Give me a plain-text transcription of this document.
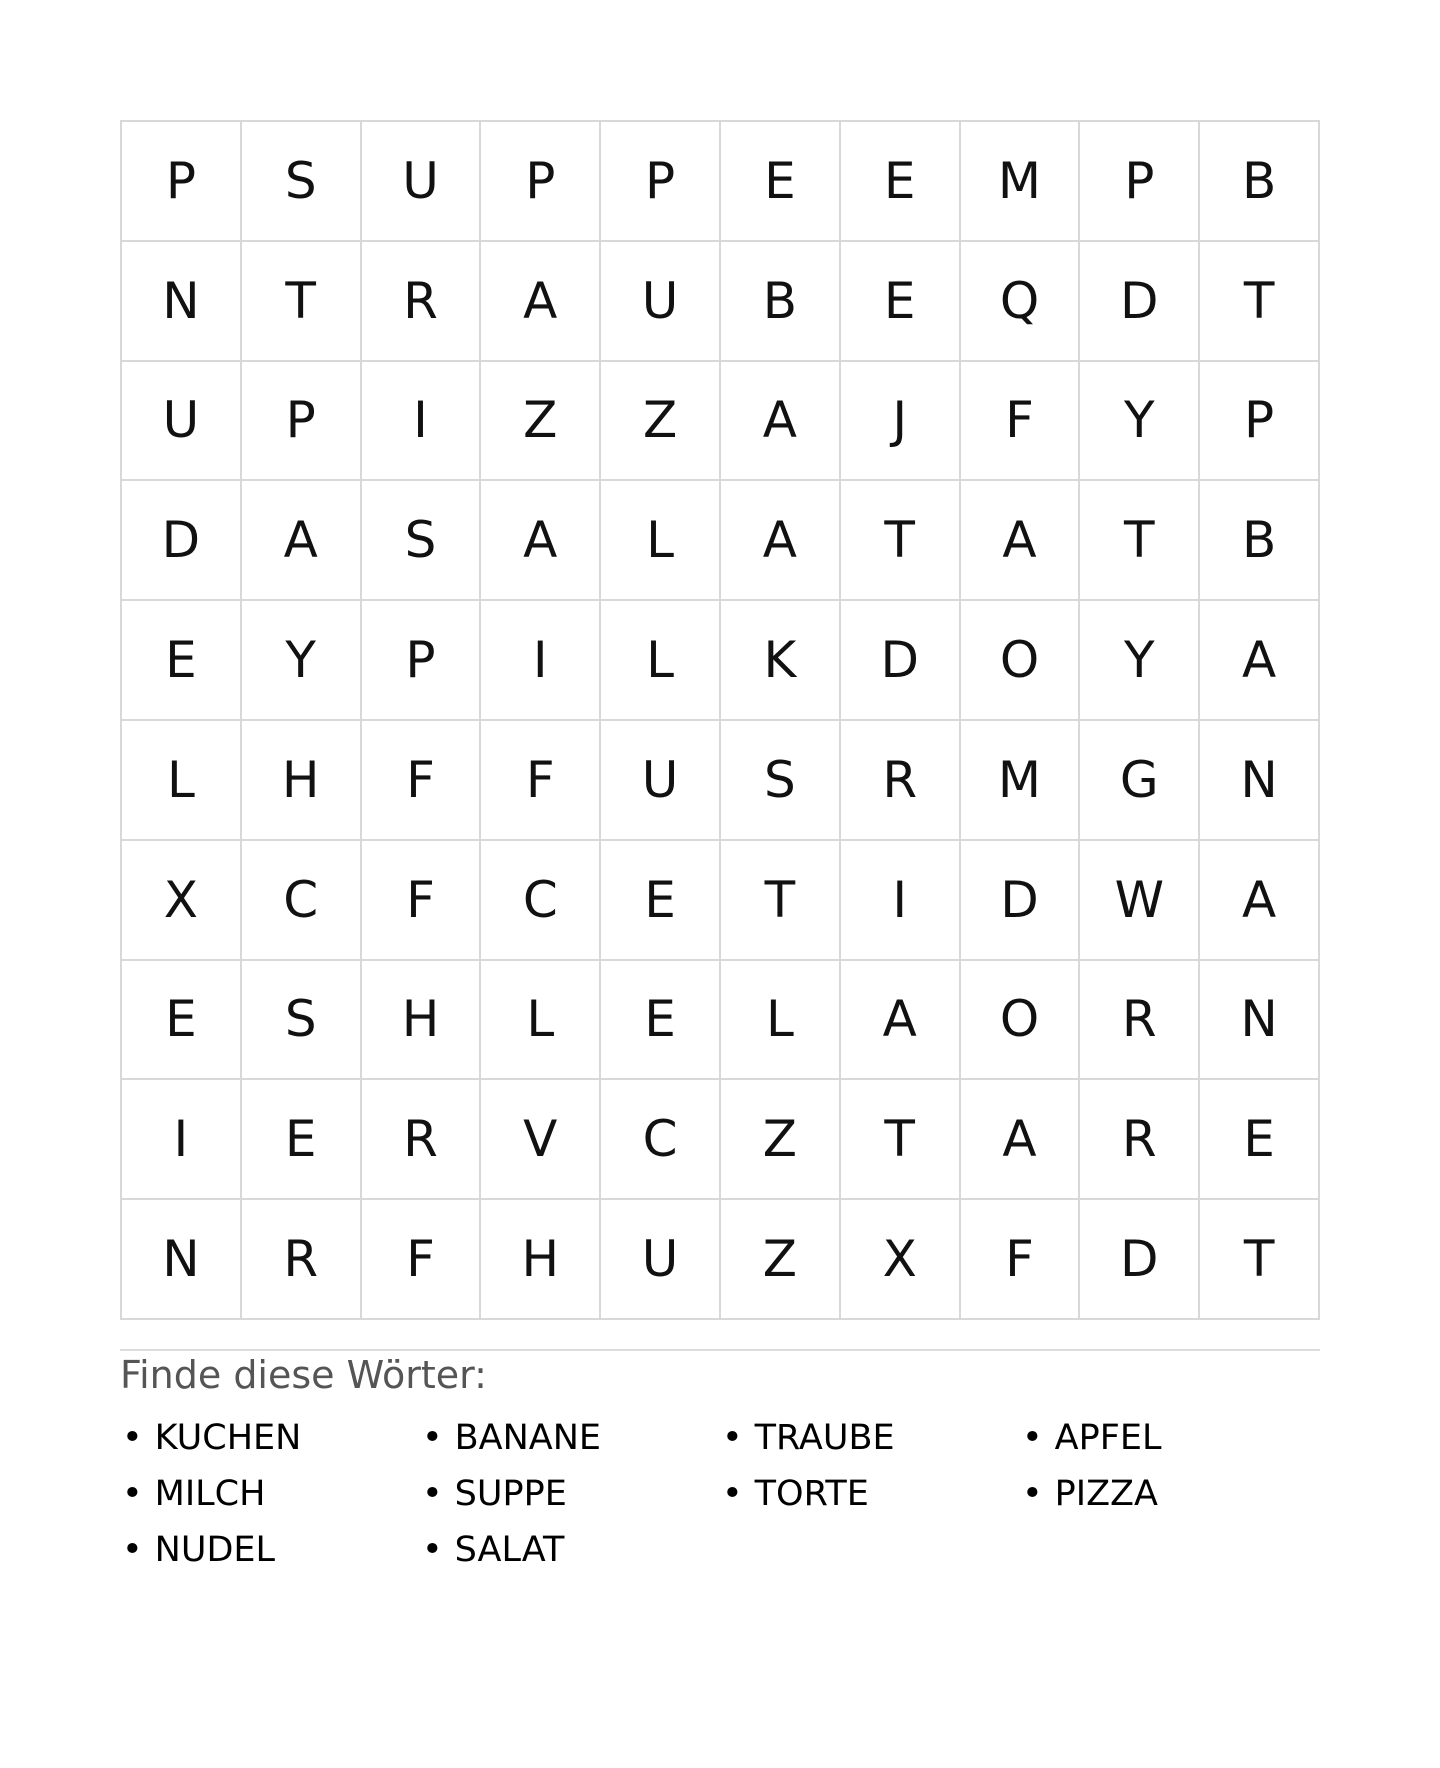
P	S	U	P	P	E	E	M	P	B
N	T	R	A	U	B	E	Q	D	T
U	P	I	Z	Z	A	J	F	Y	P
D	A	S	A	L	A	T	A	T	B
E	Y	P	I	L	K	D	O	Y	A
L	H	F	F	U	S	R	M	G	N
X	C	F	C	E	T	I	D	W	A
E	S	H	L	E	L	A	O	R	N
I	E	R	V	C	Z	T	A	R	E
N	R	F	H	U	Z	X	F	D	T
Finde diese Wörter:
• KUCHEN	• BANANE	• TRAUBE	• APFEL
• MILCH	• SUPPE	• TORTE	• PIZZA
• NUDEL	• SALAT
